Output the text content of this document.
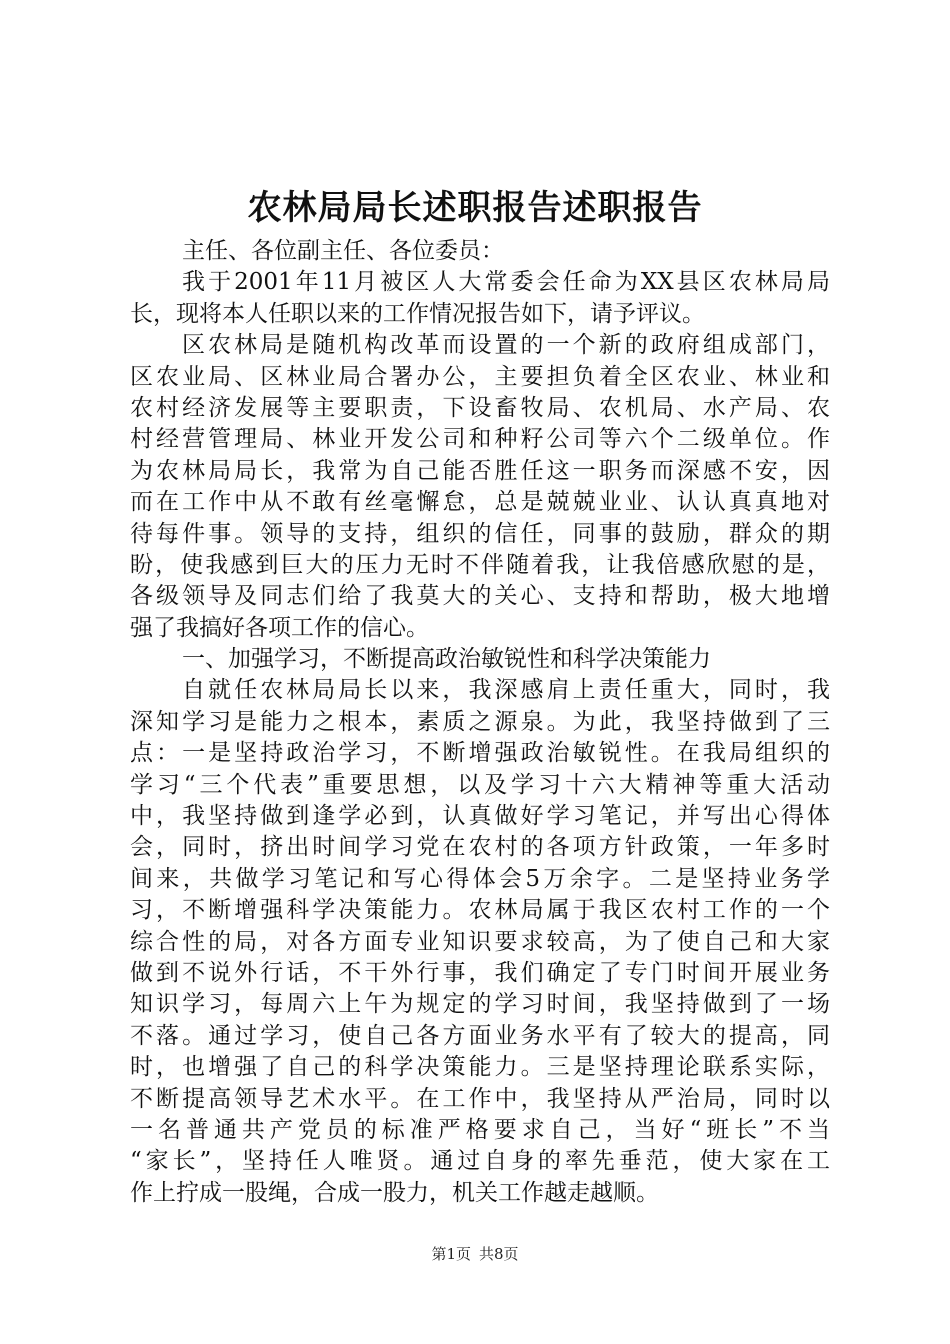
农林局局长述职报告述职报告
主任、各位副主任、各位委员：
我于2001年11月被区人大常委会任命为XX县区农林局局
长，现将本人任职以来的工作情况报告如下，请予评议。
区农林局是随机构改革而设置的一个新的政府组成部门，
区农业局、区林业局合署办公，主要担负着全区农业、林业和
农村经济发展等主要职责，下设畜牧局、农机局、水产局、农
村经营管理局、林业开发公司和种籽公司等六个二级单位。作
为农林局局长，我常为自己能否胜任这一职务而深感不安，因
而在工作中从不敢有丝毫懈怠，总是兢兢业业、认认真真地对
待每件事。领导的支持，组织的信任，同事的鼓励，群众的期
盼，使我感到巨大的压力无时不伴随着我，让我倍感欣慰的是，
各级领导及同志们给了我莫大的关心、支持和帮助，极大地增
强了我搞好各项工作的信心。
一、加强学习，不断提高政治敏锐性和科学决策能力
自就任农林局局长以来，我深感肩上责任重大，同时，我
深知学习是能力之根本，素质之源泉。为此，我坚持做到了三
点：一是坚持政治学习，不断增强政治敏锐性。在我局组织的
学习“三个代表”重要思想，以及学习十六大精神等重大活动
中，我坚持做到逢学必到，认真做好学习笔记，并写出心得体
会，同时，挤出时间学习党在农村的各项方针政策，一年多时
间来，共做学习笔记和写心得体会5万余字。二是坚持业务学
习，不断增强科学决策能力。农林局属于我区农村工作的一个
综合性的局，对各方面专业知识要求较高，为了使自己和大家
做到不说外行话，不干外行事，我们确定了专门时间开展业务
知识学习，每周六上午为规定的学习时间，我坚持做到了一场
不落。通过学习，使自己各方面业务水平有了较大的提高，同
时，也增强了自己的科学决策能力。三是坚持理论联系实际，
不断提高领导艺术水平。在工作中，我坚持从严治局，同时以
一名普通共产党员的标准严格要求自己，当好“班长”不当
“家长”，坚持任人唯贤。通过自身的率先垂范，使大家在工
作上拧成一股绳，合成一股力，机关工作越走越顺。
第1页 共8页
